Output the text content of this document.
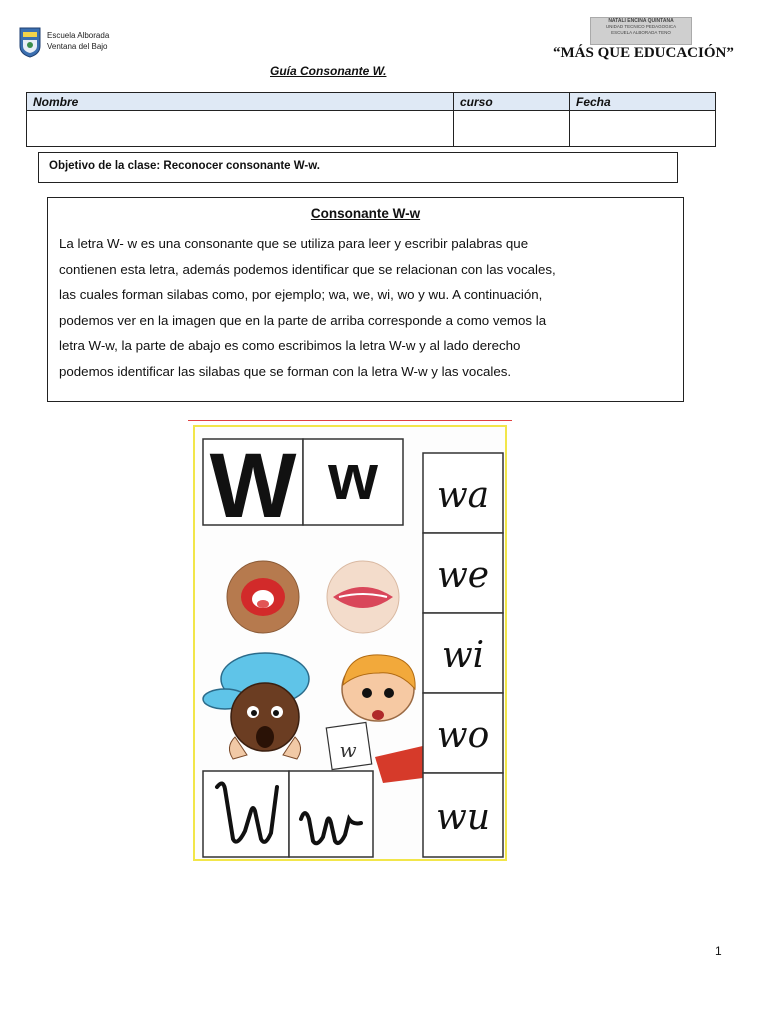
Escuela Alborada
Ventana del Bajo
NATALI ENCINA QUINTANA
UNIDAD TECNICO PEDAGOGICA
ESCUELA ALBORADA TENO
“MÁS QUE EDUCACIÓN”
Guía Consonante W.
Nombre	curso	Fecha

Objetivo de la clase: Reconocer consonante W-w.
Consonante W-w
La letra W- w es una consonante que se utiliza para leer y escribir palabras que
contienen esta letra, además podemos identificar que se relacionan con las vocales,
las cuales forman silabas como, por ejemplo; wa, we, wi, wo y wu. A continuación,
podemos ver en la imagen que en la parte de arriba corresponde a como vemos la
letra W-w, la parte de abajo es como escribimos la letra W-w y al lado derecho
podemos identificar las silabas que se forman con la letra W-w y las vocales.
W w
w
wa
we
wi
wo
wu
1
